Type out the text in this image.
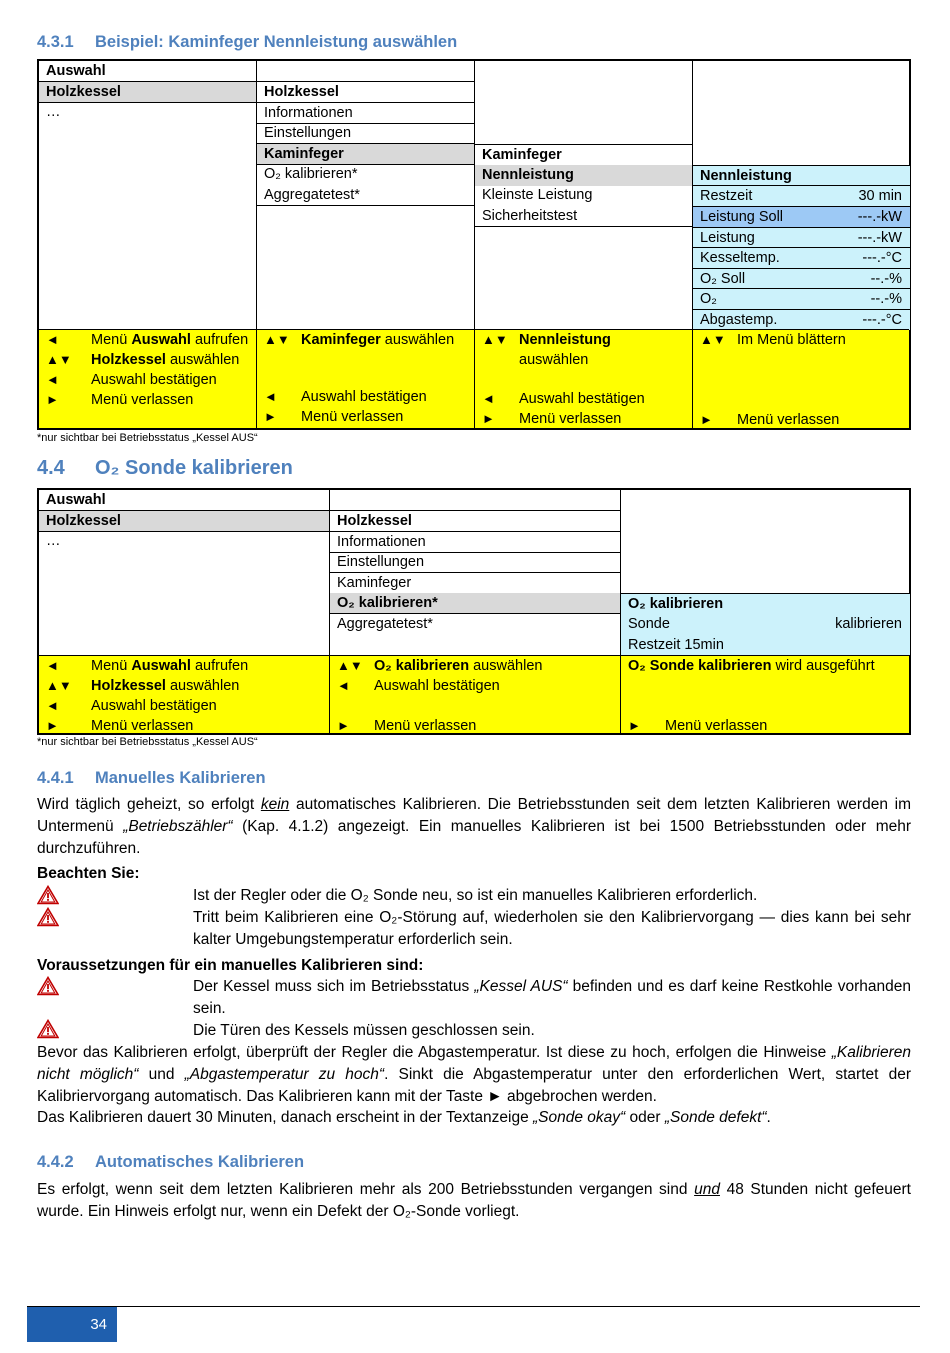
4.3.1 Beispiel: Kaminfeger Nennleistung auswählen
Auswahl
Holzkessel
…
Holzkessel
Informationen
Einstellungen
Kaminfeger
O₂ kalibrieren*
Aggregatetest*
Kaminfeger
Nennleistung
Kleinste Leistung
Sicherheitstest
Nennleistung
Restzeit	30 min
Leistung Soll	---.-kW
Leistung	---.-kW
Kesseltemp.	---.-°C
O₂ Soll	--.-%
O₂	--.-%
Abgastemp.	---.-°C
◄ Menü Auswahl aufrufen
▲▼ Holzkessel auswählen
◄ Auswahl bestätigen
► Menü verlassen
▲▼ Kaminfeger auswählen
◄ Auswahl bestätigen
► Menü verlassen
▲▼ Nennleistung
auswählen
◄ Auswahl bestätigen
► Menü verlassen
▲▼ Im Menü blättern
► Menü verlassen
*nur sichtbar bei Betriebsstatus „Kessel AUS“
4.4 O₂ Sonde kalibrieren
Auswahl
Holzkessel
…
Holzkessel
Informationen
Einstellungen
Kaminfeger
O₂ kalibrieren*
Aggregatetest*
O₂ kalibrieren
Sonde	kalibrieren
Restzeit 15min
◄ Menü Auswahl aufrufen
▲▼ Holzkessel auswählen
◄ Auswahl bestätigen
► Menü verlassen
▲▼ O₂ kalibrieren auswählen
◄ Auswahl bestätigen
► Menü verlassen
O₂ Sonde kalibrieren wird ausgeführt
► Menü verlassen
*nur sichtbar bei Betriebsstatus „Kessel AUS“
4.4.1 Manuelles Kalibrieren
Wird täglich geheizt, so erfolgt kein automatisches Kalibrieren. Die Betriebsstunden seit dem letzten Kalibrieren werden im Untermenü „Betriebszähler“ (Kap. 4.1.2) angezeigt. Ein manuelles Kalibrieren ist bei 1500 Betriebsstunden oder mehr durchzuführen.
Beachten Sie:
Ist der Regler oder die O₂ Sonde neu, so ist ein manuelles Kalibrieren erforderlich.
Tritt beim Kalibrieren eine O₂-Störung auf, wiederholen sie den Kalibriervorgang — dies kann bei sehr kalter Umgebungstemperatur erforderlich sein.
Voraussetzungen für ein manuelles Kalibrieren sind:
Der Kessel muss sich im Betriebsstatus „Kessel AUS“ befinden und es darf keine Restkohle vorhanden sein.
Die Türen des Kessels müssen geschlossen sein.
Bevor das Kalibrieren erfolgt, überprüft der Regler die Abgastemperatur. Ist diese zu hoch, erfolgen die Hinweise „Kalibrieren nicht möglich“ und „Abgastemperatur zu hoch“. Sinkt die Abgastemperatur unter den erforderlichen Wert, startet der Kalibriervorgang automatisch. Das Kalibrieren kann mit der Taste ► abgebrochen werden.
Das Kalibrieren dauert 30 Minuten, danach erscheint in der Textanzeige „Sonde okay“ oder „Sonde defekt“.
4.4.2 Automatisches Kalibrieren
Es erfolgt, wenn seit dem letzten Kalibrieren mehr als 200 Betriebsstunden vergangen sind und 48 Stunden nicht gefeuert wurde. Ein Hinweis erfolgt nur, wenn ein Defekt der O₂-Sonde vorliegt.
34
